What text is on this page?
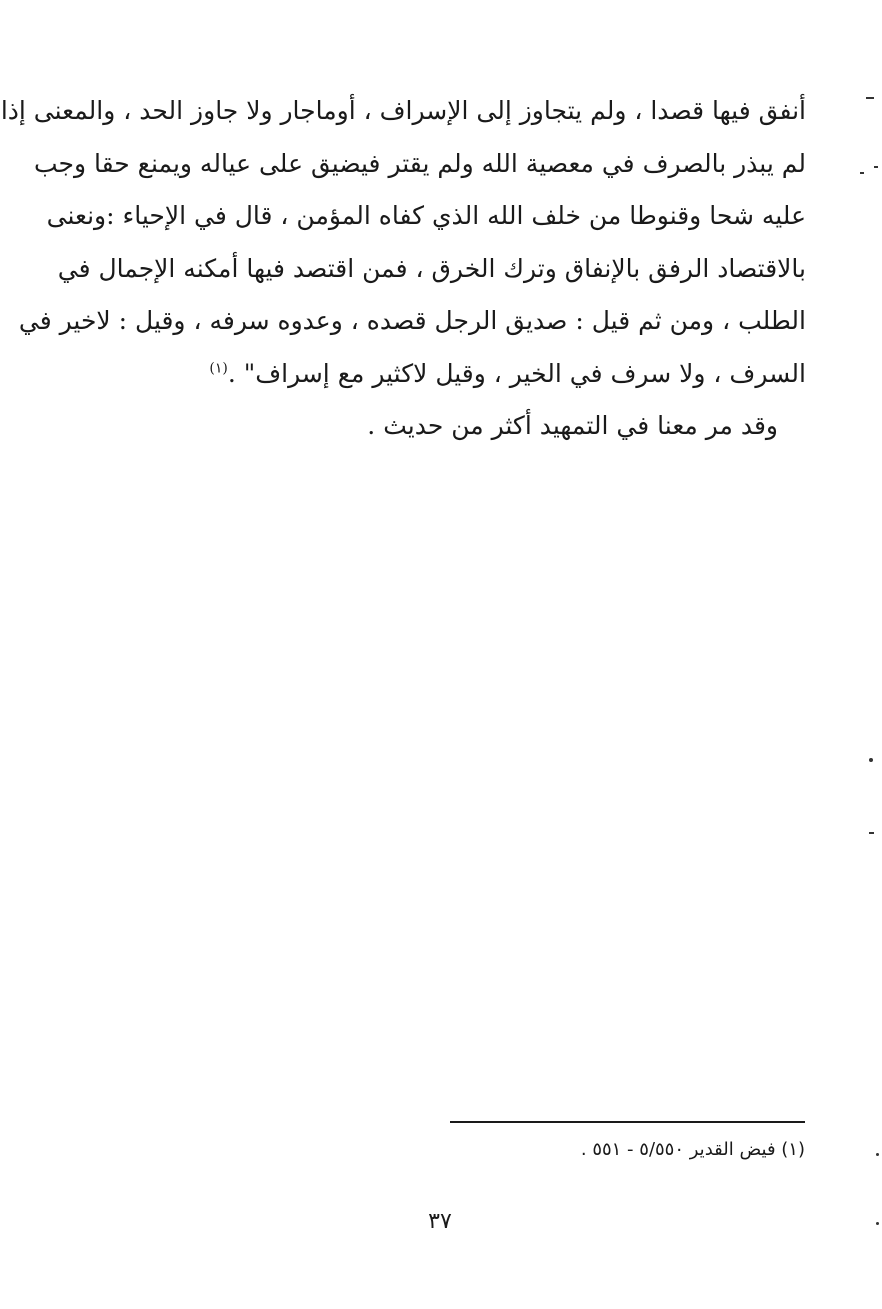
أنفق فيها قصدا ، ولم يتجاوز إلى الإسراف ، أوماجار ولا جاوز الحد ، والمعنى إذا
لم يبذر بالصرف في معصية الله ولم يقتر فيضيق على عياله ويمنع حقا وجب
عليه شحا وقنوطا من خلف الله الذي كفاه المؤمن ، قال في الإحياء :ونعنى
بالاقتصاد الرفق بالإنفاق وترك الخرق ، فمن اقتصد فيها أمكنه الإجمال في
الطلب ، ومن ثم قيل : صديق الرجل قصده ، وعدوه سرفه ، وقيل : لاخير في
السرف ، ولا سرف في الخير ، وقيل لاكثير مع إسراف" .$^{(١)}$
وقد مر معنا في التمهيد أكثر من حديث .

(١) فيض القدير ٥/٥٥٠ - ٥٥١ .

٣٧
